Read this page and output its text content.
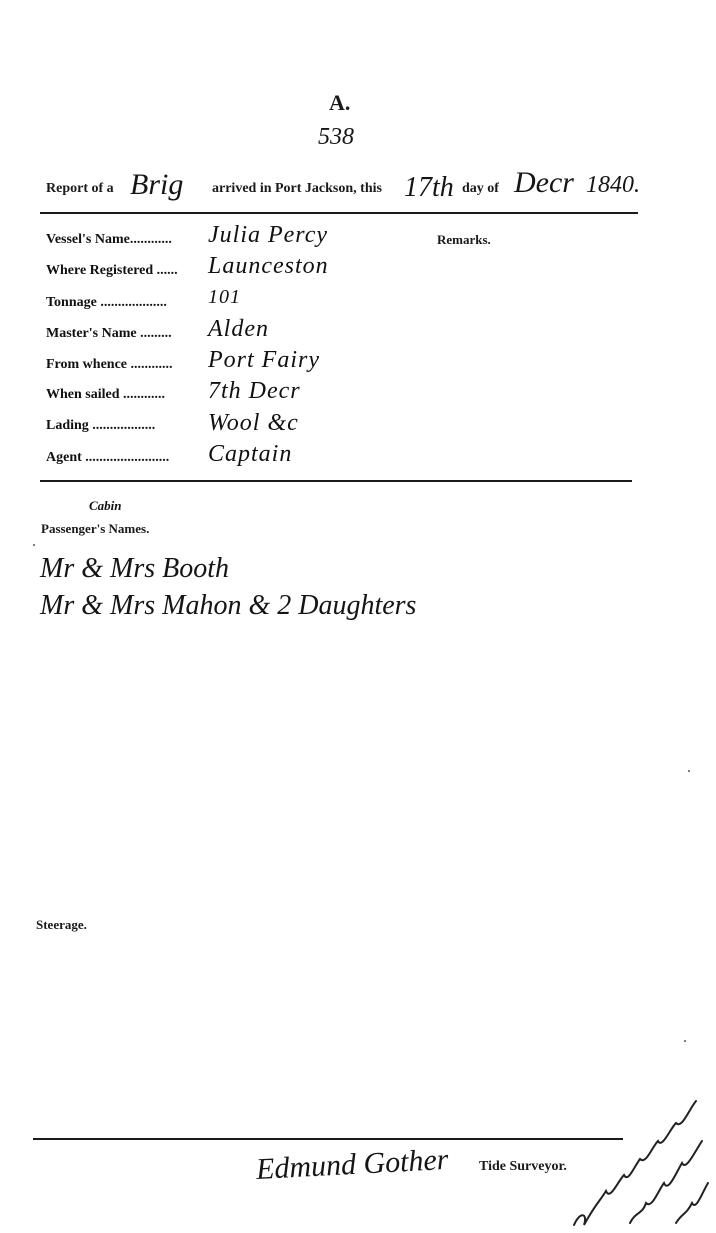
A.
538
Report of a Brig arrived in Port Jackson, this 17th day of Decr 1840.
Vessel's Name............ Julia Percy
Where Registered ...... Launceston
Tonnage ................... 101
Master's Name ......... Alden
From whence ............ Port Fairy
When sailed ............ 7th Decr
Lading .................. Wool &c
Agent ........................ Captain
Remarks.
Cabin
Passenger's Names.
Mr & Mrs Booth
Mr & Mrs Mahon & 2 Daughters
Steerage.
Edmund Gother Tide Surveyor.
